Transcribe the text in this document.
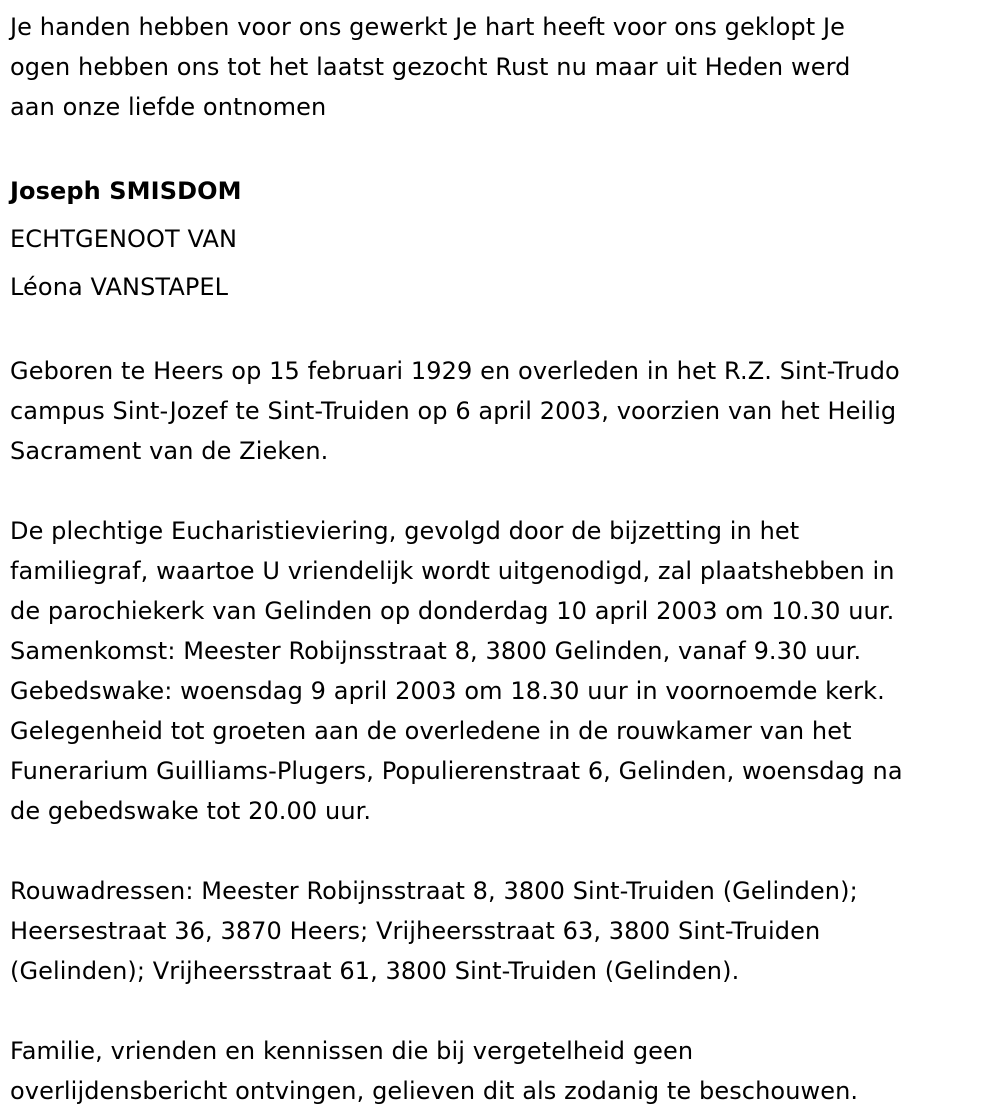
Je handen hebben voor ons gewerkt Je hart heeft voor ons geklopt Je
ogen hebben ons tot het laatst gezocht Rust nu maar uit Heden werd
aan onze liefde ontnomen

Joseph SMISDOM
ECHTGENOOT VAN
Léona VANSTAPEL

Geboren te Heers op 15 februari 1929 en overleden in het R.Z. Sint-Trudo
campus Sint-Jozef te Sint-Truiden op 6 april 2003, voorzien van het Heilig
Sacrament van de Zieken.

De plechtige Eucharistieviering, gevolgd door de bijzetting in het
familiegraf, waartoe U vriendelijk wordt uitgenodigd, zal plaatshebben in
de parochiekerk van Gelinden op donderdag 10 april 2003 om 10.30 uur.
Samenkomst: Meester Robijnsstraat 8, 3800 Gelinden, vanaf 9.30 uur.
Gebedswake: woensdag 9 april 2003 om 18.30 uur in voornoemde kerk.
Gelegenheid tot groeten aan de overledene in de rouwkamer van het
Funerarium Guilliams-Plugers, Populierenstraat 6, Gelinden, woensdag na
de gebedswake tot 20.00 uur.

Rouwadressen: Meester Robijnsstraat 8, 3800 Sint-Truiden (Gelinden);
Heersestraat 36, 3870 Heers; Vrijheersstraat 63, 3800 Sint-Truiden
(Gelinden); Vrijheersstraat 61, 3800 Sint-Truiden (Gelinden).

Familie, vrienden en kennissen die bij vergetelheid geen
overlijdensbericht ontvingen, gelieven dit als zodanig te beschouwen.
